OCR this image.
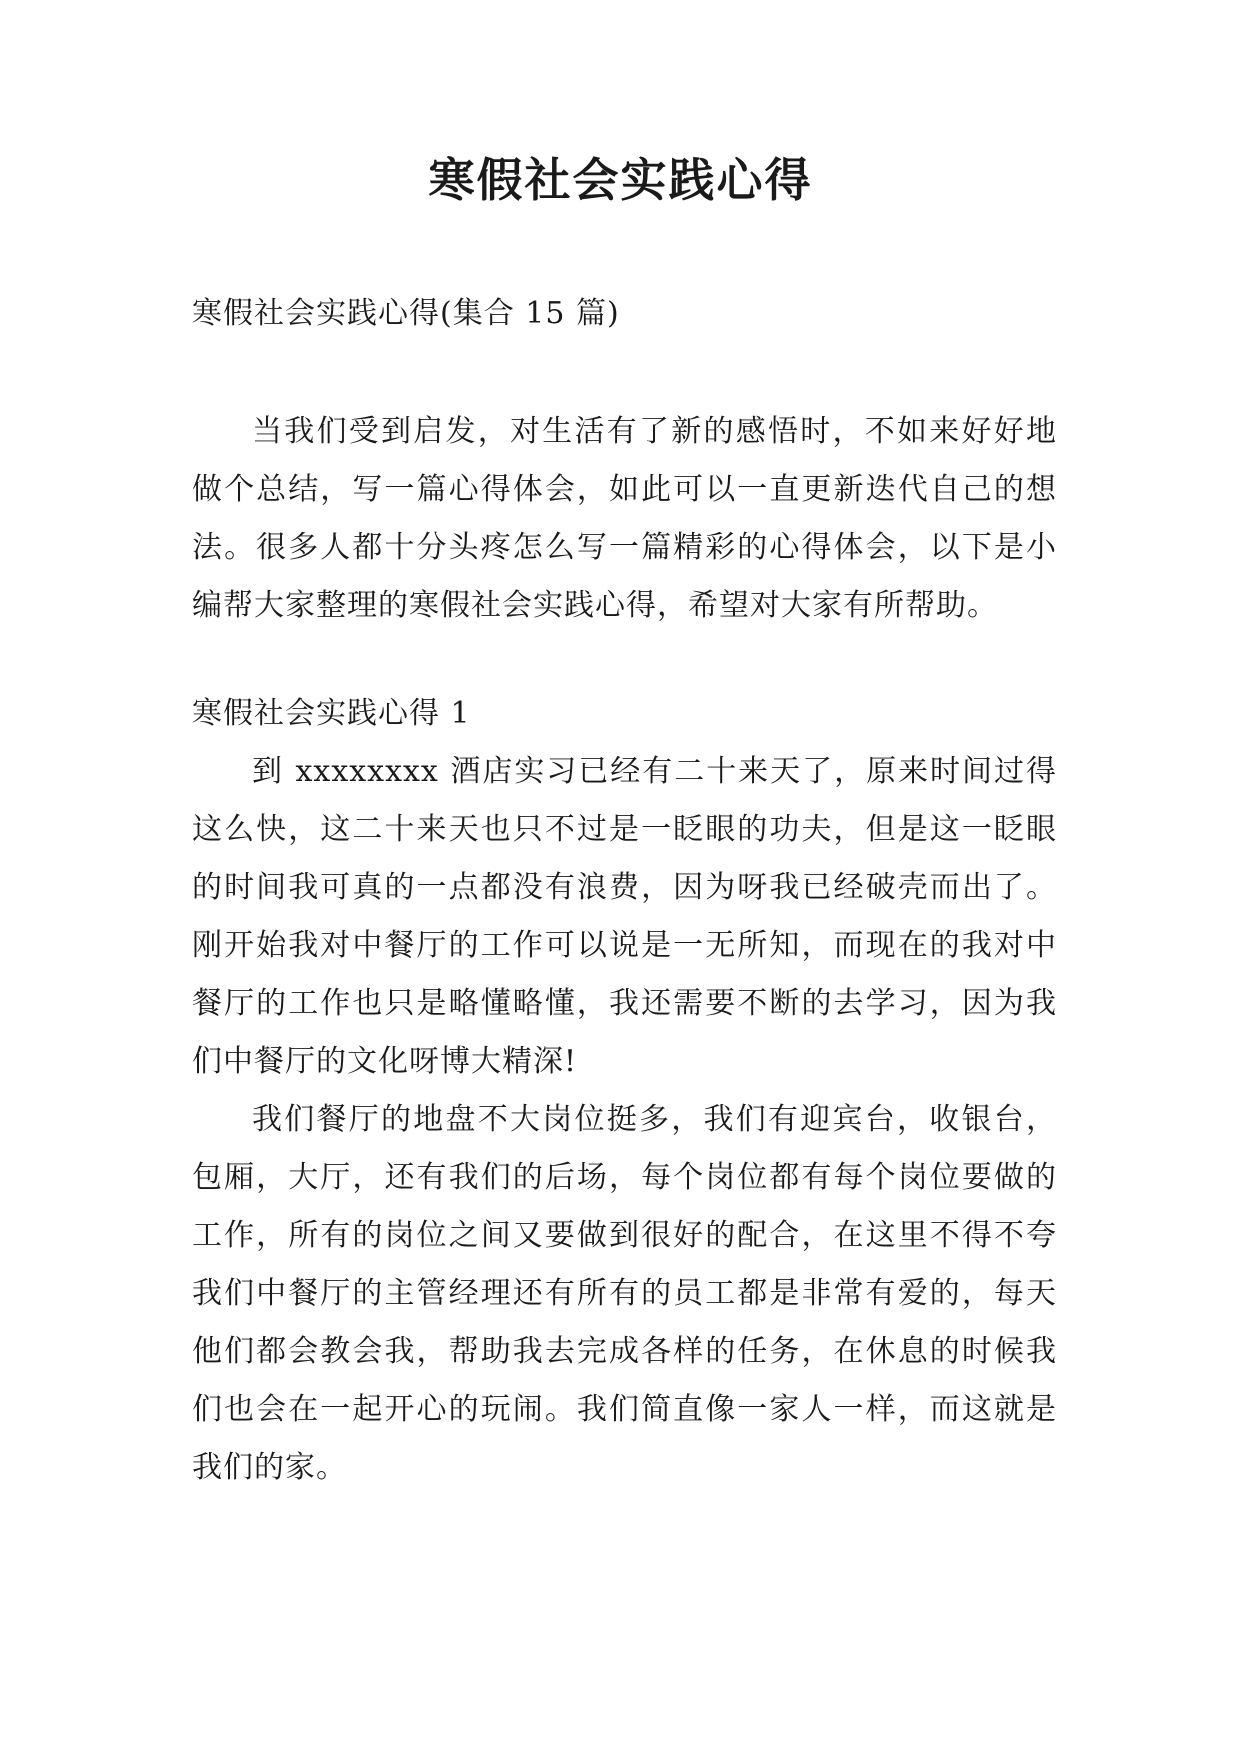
寒假社会实践心得

寒假社会实践心得(集合 15 篇)

当我们受到启发，对生活有了新的感悟时，不如来好好地做个总结，写一篇心得体会，如此可以一直更新迭代自己的想法。很多人都十分头疼怎么写一篇精彩的心得体会，以下是小编帮大家整理的寒假社会实践心得，希望对大家有所帮助。

寒假社会实践心得 1

到 xxxxxxxx 酒店实习已经有二十来天了，原来时间过得这么快，这二十来天也只不过是一眨眼的功夫，但是这一眨眼的时间我可真的一点都没有浪费，因为呀我已经破壳而出了。刚开始我对中餐厅的工作可以说是一无所知，而现在的我对中餐厅的工作也只是略懂略懂，我还需要不断的去学习，因为我们中餐厅的文化呀博大精深!

我们餐厅的地盘不大岗位挺多，我们有迎宾台，收银台，包厢，大厅，还有我们的后场，每个岗位都有每个岗位要做的工作，所有的岗位之间又要做到很好的配合，在这里不得不夸我们中餐厅的主管经理还有所有的员工都是非常有爱的，每天他们都会教会我，帮助我去完成各样的任务，在休息的时候我们也会在一起开心的玩闹。我们简直像一家人一样，而这就是我们的家。
